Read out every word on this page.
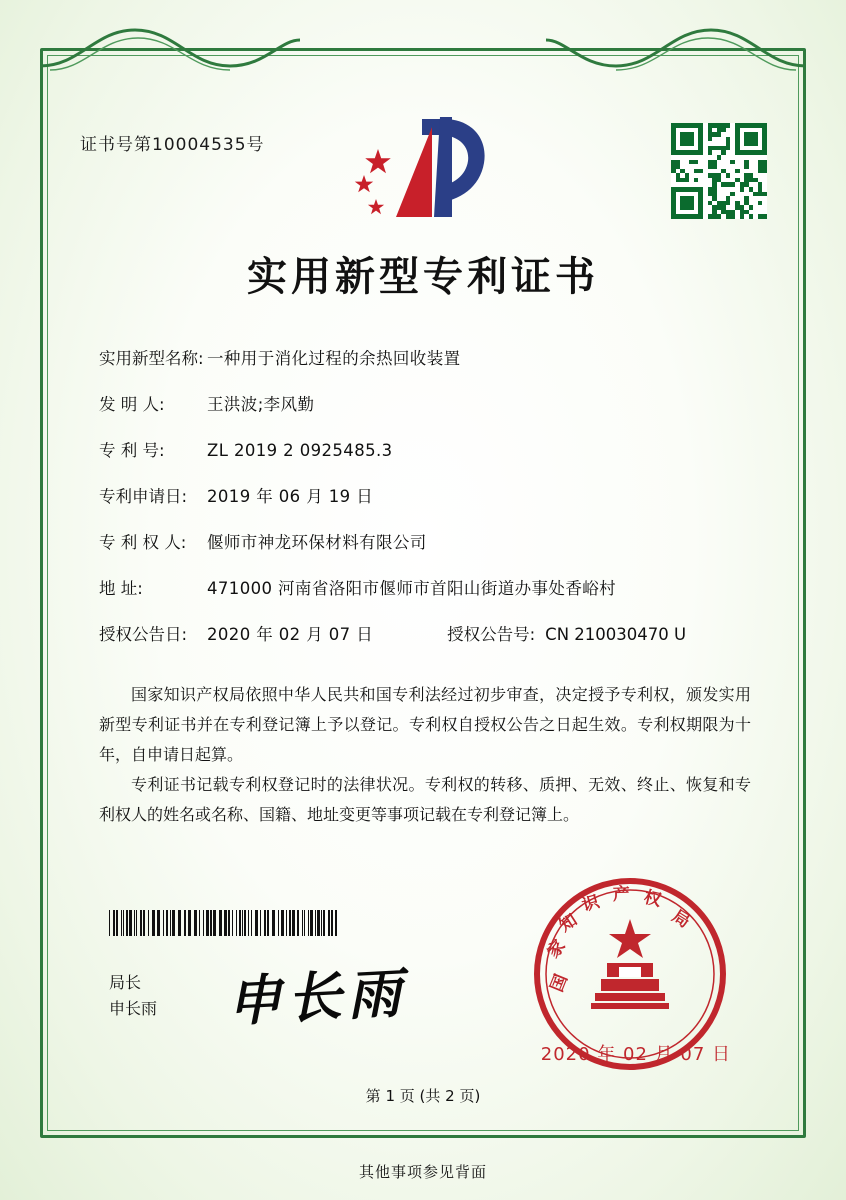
证书号第10004535号
实用新型专利证书
实用新型名称: 一种用于消化过程的余热回收装置
发 明 人:	王洪波;李风勤
专 利 号:	ZL 2019 2 0925485.3
专利申请日:	2019 年 06 月 19 日
专 利 权 人:	偃师市神龙环保材料有限公司
地 址:	471000 河南省洛阳市偃师市首阳山街道办事处香峪村
授权公告日:	2020 年 02 月 07 日	授权公告号: CN 210030470 U

国家知识产权局依照中华人民共和国专利法经过初步审查，决定授予专利权，颁发实用新型专利证书并在专利登记簿上予以登记。专利权自授权公告之日起生效。专利权期限为十年，自申请日起算。

专利证书记载专利权登记时的法律状况。专利权的转移、质押、无效、终止、恢复和专利权人的姓名或名称、国籍、地址变更等事项记载在专利登记簿上。

局长
申长雨 申长雨	国
家
知
识 产 权
局
2020 年 02 月 07 日
第 1 页 (共 2 页)
其他事项参见背面
